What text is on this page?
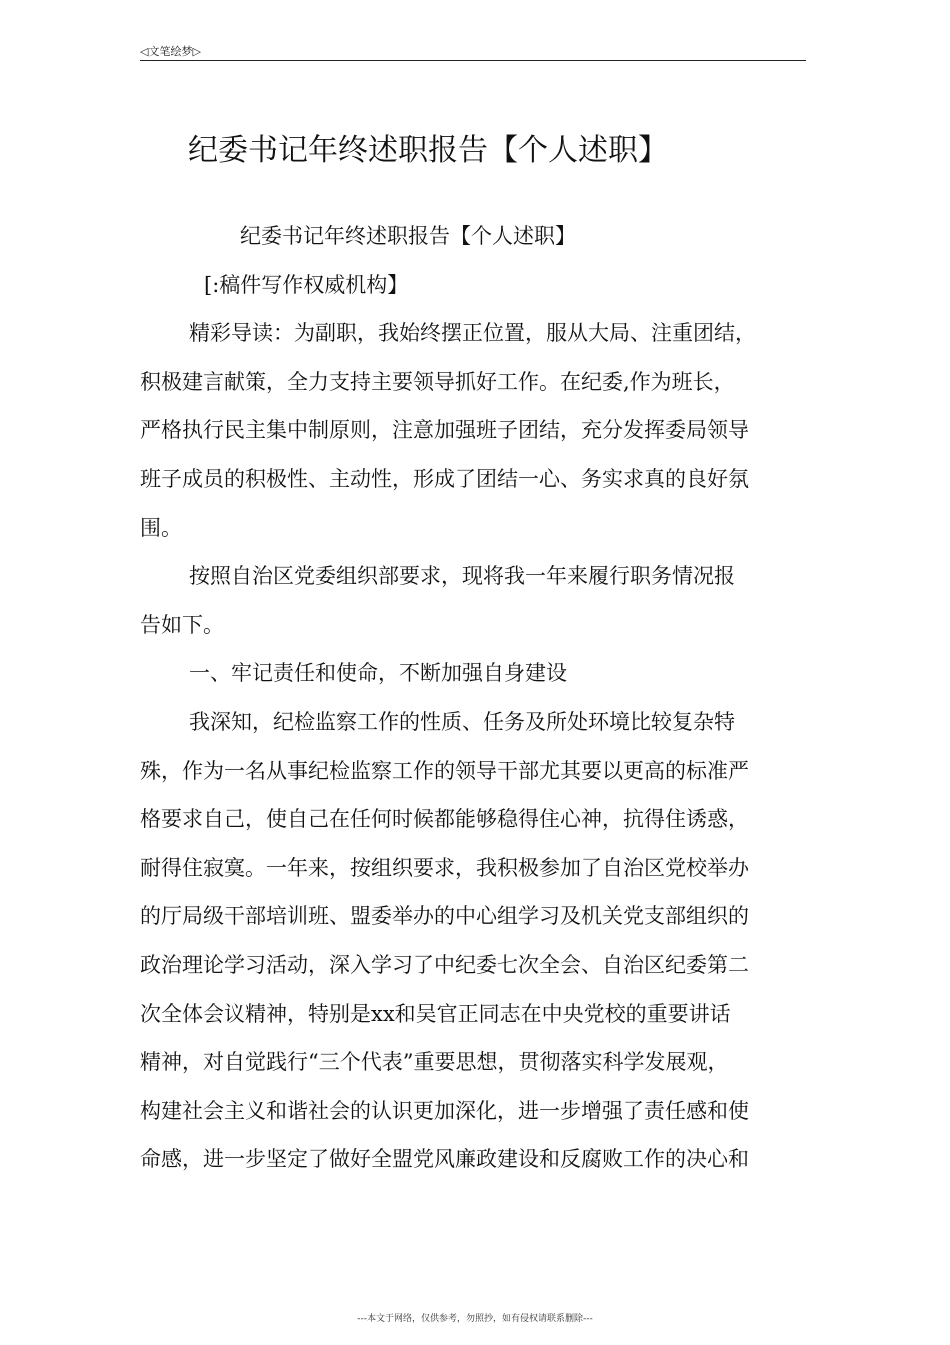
◁文笔绘梦▷
纪委书记年终述职报告【个人述职】
纪委书记年终述职报告【个人述职】
[:稿件写作权威机构】
精彩导读：为副职，我始终摆正位置，服从大局、注重团结，
积极建言献策，全力支持主要领导抓好工作。在纪委,作为班长，
严格执行民主集中制原则，注意加强班子团结，充分发挥委局领导
班子成员的积极性、主动性，形成了团结一心、务实求真的良好氛
围。
按照自治区党委组织部要求，现将我一年来履行职务情况报
告如下。
一、牢记责任和使命，不断加强自身建设
我深知，纪检监察工作的性质、任务及所处环境比较复杂特
殊，作为一名从事纪检监察工作的领导干部尤其要以更高的标准严
格要求自己，使自己在任何时候都能够稳得住心神，抗得住诱惑，
耐得住寂寞。一年来，按组织要求，我积极参加了自治区党校举办
的厅局级干部培训班、盟委举办的中心组学习及机关党支部组织的
政治理论学习活动，深入学习了中纪委七次全会、自治区纪委第二
次全体会议精神，特别是xx和吴官正同志在中央党校的重要讲话
精神，对自觉践行“三个代表”重要思想，贯彻落实科学发展观，
构建社会主义和谐社会的认识更加深化，进一步增强了责任感和使
命感，进一步坚定了做好全盟党风廉政建设和反腐败工作的决心和
---本文于网络，仅供参考，勿照抄，如有侵权请联系删除---
